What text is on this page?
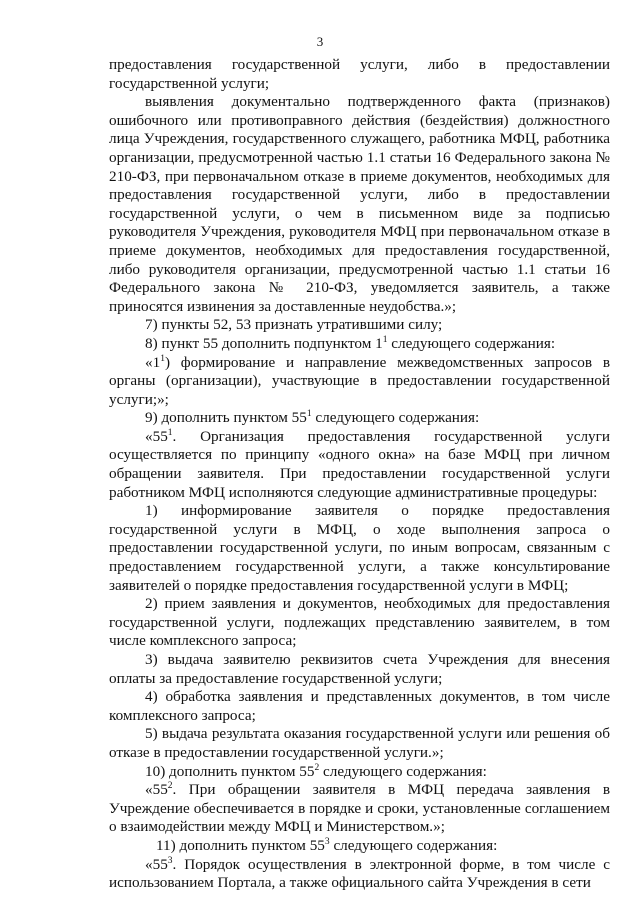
3

предоставления государственной услуги, либо в предоставлении государственной услуги;

выявления документально подтвержденного факта (признаков) ошибочного или противоправного действия (бездействия) должностного лица Учреждения, государственного служащего, работника МФЦ, работника организации, предусмотренной частью 1.1 статьи 16 Федерального закона № 210-ФЗ, при первоначальном отказе в приеме документов, необходимых для предоставления государственной услуги, либо в предоставлении государственной услуги, о чем в письменном виде за подписью руководителя Учреждения, руководителя МФЦ при первоначальном отказе в приеме документов, необходимых для предоставления государственной, либо руководителя организации, предусмотренной частью 1.1 статьи 16 Федерального закона № 210-ФЗ, уведомляется заявитель, а также приносятся извинения за доставленные неудобства.»;

7) пункты 52, 53 признать утратившими силу;

8) пункт 55 дополнить подпунктом $1^1$ следующего содержания:

«$1^1$) формирование и направление межведомственных запросов в органы (организации), участвующие в предоставлении государственной услуги;»;

9) дополнить пунктом $55^1$ следующего содержания:

«$55^1$. Организация предоставления государственной услуги осуществляется по принципу «одного окна» на базе МФЦ при личном обращении заявителя. При предоставлении государственной услуги работником МФЦ исполняются следующие административные процедуры:

1) информирование заявителя о порядке предоставления государственной услуги в МФЦ, о ходе выполнения запроса о предоставлении государственной услуги, по иным вопросам, связанным с предоставлением государственной услуги, а также консультирование заявителей о порядке предоставления государственной услуги в МФЦ;

2) прием заявления и документов, необходимых для предоставления государственной услуги, подлежащих представлению заявителем, в том числе комплексного запроса;

3) выдача заявителю реквизитов счета Учреждения для внесения оплаты за предоставление государственной услуги;

4) обработка заявления и представленных документов, в том числе комплексного запроса;

5) выдача результата оказания государственной услуги или решения об отказе в предоставлении государственной услуги.»;

10) дополнить пунктом $55^2$ следующего содержания:

«$55^2$. При обращении заявителя в МФЦ передача заявления в Учреждение обеспечивается в порядке и сроки, установленные соглашением о взаимодействии между МФЦ и Министерством.»;

11) дополнить пунктом $55^3$ следующего содержания:

«$55^3$. Порядок осуществления в электронной форме, в том числе с использованием Портала, а также официального сайта Учреждения в сети
